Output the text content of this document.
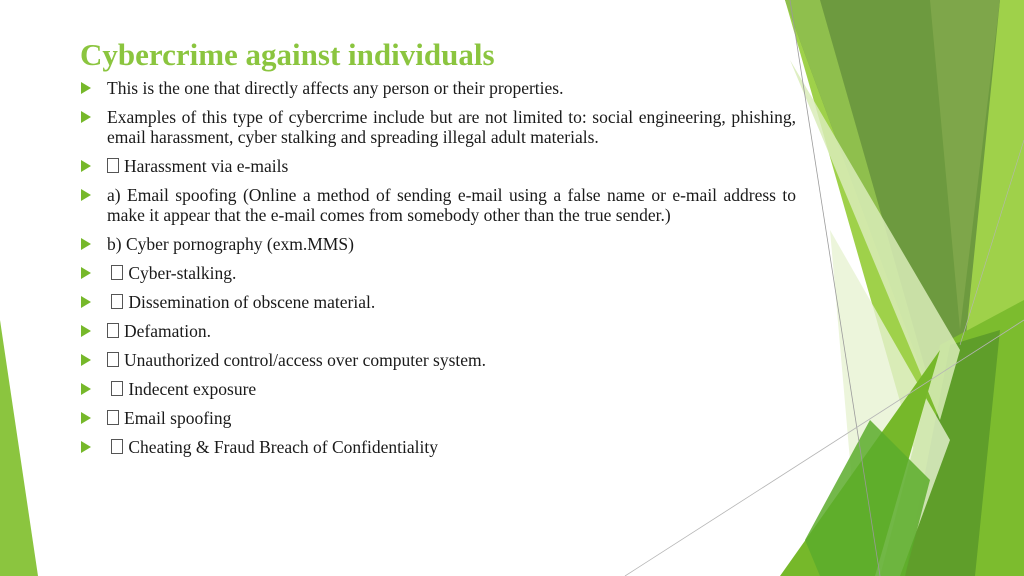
Cybercrime against individuals
This is the one that directly affects any person or their properties.
Examples of this type of cybercrime include but are not limited to: social engineering, phishing, email harassment, cyber stalking and spreading illegal adult materials.
Harassment via e-mails
a) Email spoofing (Online a method of sending e-mail using a false name or e-mail address to make it appear that the e-mail comes from somebody other than the true sender.)
b) Cyber pornography (exm.MMS)
Cyber-stalking.
Dissemination of obscene material.
Defamation.
Unauthorized control/access over computer system.
Indecent exposure
Email spoofing
Cheating & Fraud Breach of Confidentiality
